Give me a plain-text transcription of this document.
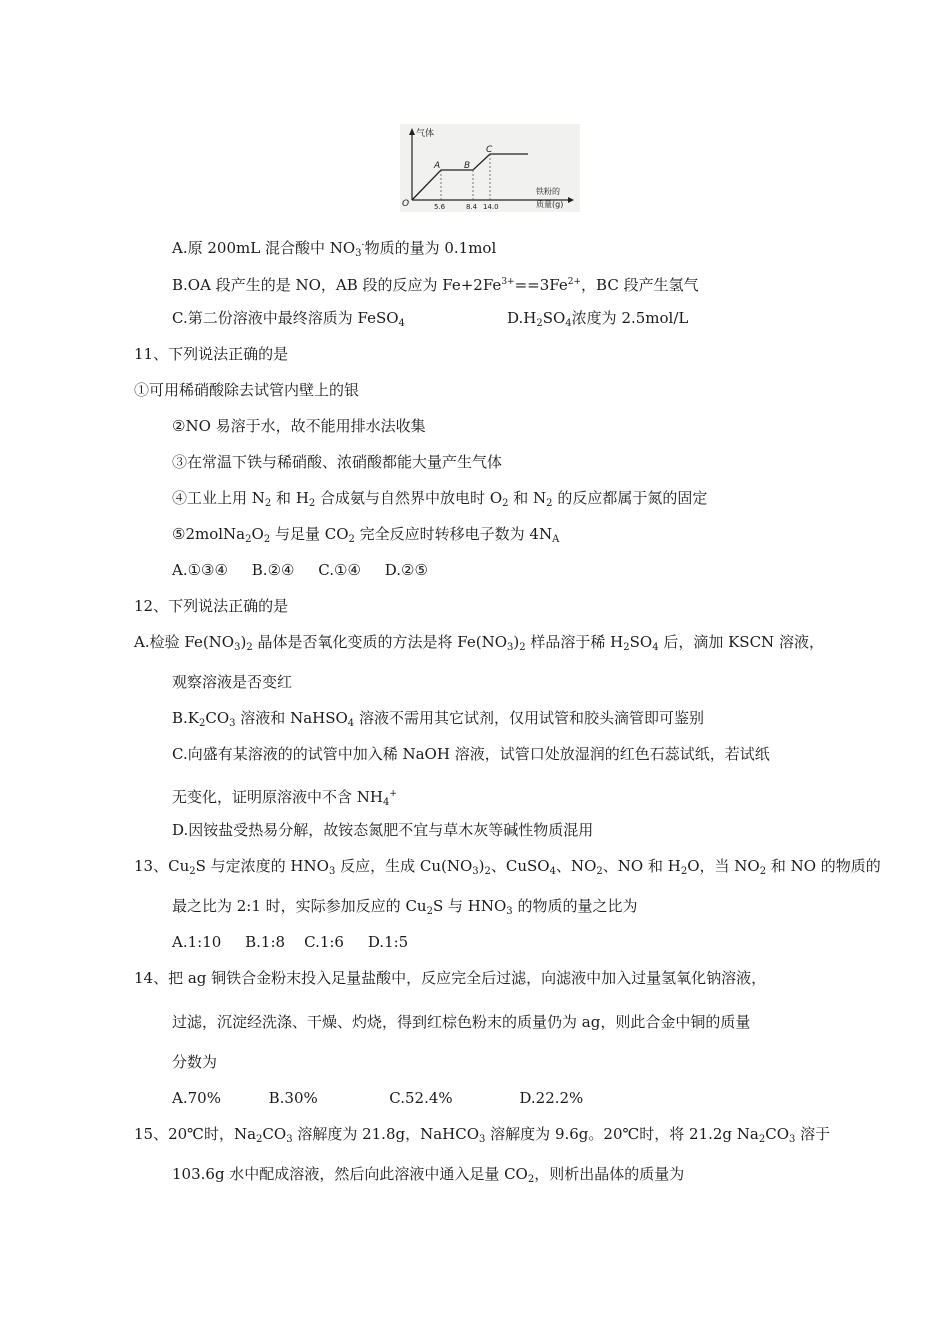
气体
O
A	B
C
5.6	8.4 14.0
铁粉的
质量(g)
A.原 200mL 混合酸中 $NO_3^-$物质的量为 0.1mol
B.OA 段产生的是 NO，AB 段的反应为 $Fe+2Fe^{3+}==3Fe^{2+}$，BC 段产生氢气
C.第二份溶液中最终溶质为 FeSO$_4$	$D.H_2SO_4$浓度为 2.5mol/L
11、下列说法正确的是
①可用稀硝酸除去试管内壁上的银
②NO 易溶于水，故不能用排水法收集
③在常温下铁与稀硝酸、浓硝酸都能大量产生气体
④工业上用 $N_2$ 和 $H_2$ 合成氨与自然界中放电时 $O_2$ 和 $N_2$ 的反应都属于氮的固定
$⑤2molNa_2O_2$ 与足量 $CO_2$ 完全反应时转移电子数为 $4N_A$
A.①③④     B.②④     C.①④     D.②⑤
12、下列说法正确的是
A.检验 $Fe(NO_3)_2$ 晶体是否氧化变质的方法是将 $Fe(NO_3)_2$ 样品溶于稀 $H_2SO_4$ 后，滴加 KSCN 溶液，
观察溶液是否变红
$B.K_2CO_3$ 溶液和 NaHSO$_4$ 溶液不需用其它试剂，仅用试管和胶头滴管即可鉴别
C.向盛有某溶液的的试管中加入稀 NaOH 溶液，试管口处放湿润的红色石蕊试纸，若试纸
无变化，证明原溶液中不含 $NH_4^+$
D.因铵盐受热易分解，故铵态氮肥不宜与草木灰等碱性物质混用
13、$Cu_2S$ 与定浓度的 $HNO_3$ 反应，生成 $Cu(NO_3)_2$、CuSO$_4$、$NO_2$、NO 和 $H_2O$，当 $NO_2$ 和 NO 的物质的
最之比为 2:1 时，实际参加反应的 $Cu_2S$ 与 $HNO_3$ 的物质的量之比为
A.1:10     B.1:8    C.1:6     D.1:5
14、把 ag 铜铁合金粉末投入足量盐酸中，反应完全后过滤，向滤液中加入过量氢氧化钠溶液，
过滤，沉淀经洗涤、干燥、灼烧，得到红棕色粉末的质量仍为 ag，则此合金中铜的质量
分数为
A.70%          B.30%               C.52.4%              D.22.2%
15、20℃时，$Na_2CO_3$ 溶解度为 21.8g，NaHCO$_3$ 溶解度为 9.6g。20℃时，将 21.2g $Na_2CO_3$ 溶于
103.6g 水中配成溶液，然后向此溶液中通入足量 $CO_2$，则析出晶体的质量为
